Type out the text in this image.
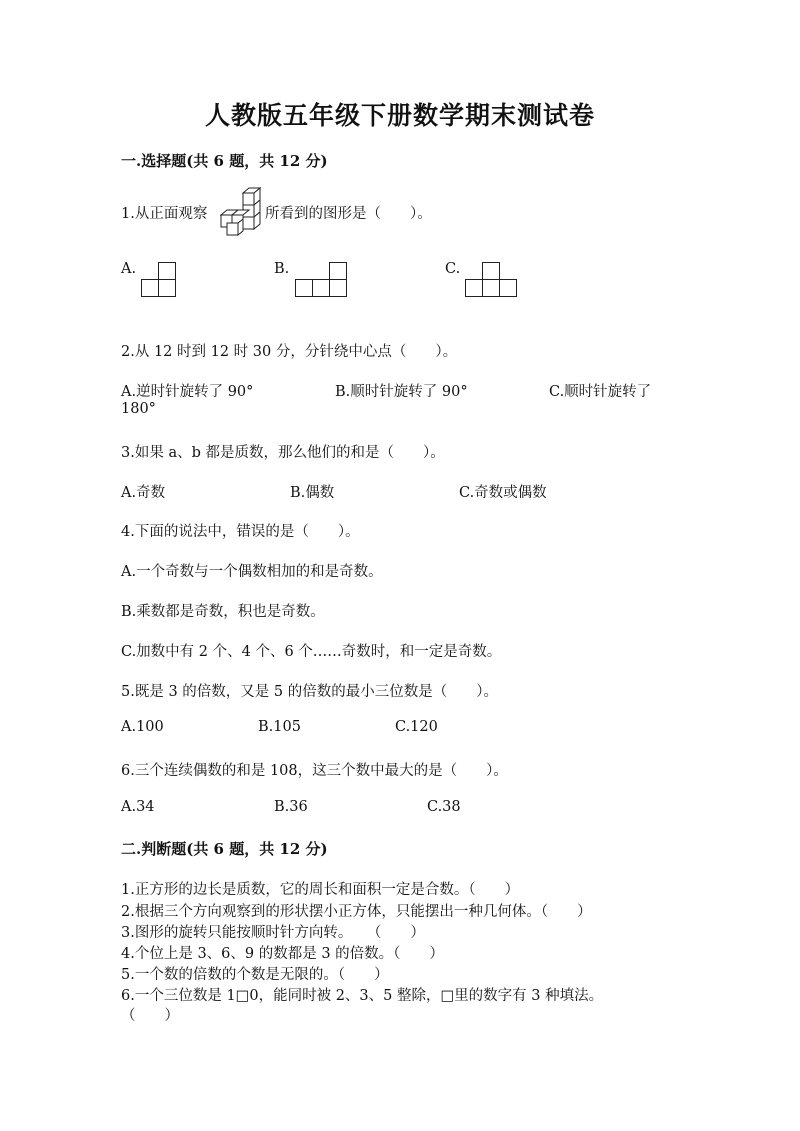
人教版五年级下册数学期末测试卷
一.选择题(共 6 题，共 12 分)
1.从正面观察	所看到的图形是（　　）。
A.	B.	C.
2.从 12 时到 12 时 30 分，分针绕中心点（　　）。
A.逆时针旋转了 90°	B.顺时针旋转了 90°	C.顺时针旋转了
180°
3.如果 a、b 都是质数，那么他们的和是（　　）。
A.奇数	B.偶数	C.奇数或偶数
4.下面的说法中，错误的是（　　）。
A.一个奇数与一个偶数相加的和是奇数。
B.乘数都是奇数，积也是奇数。
C.加数中有 2 个、4 个、6 个……奇数时，和一定是奇数。
5.既是 3 的倍数，又是 5 的倍数的最小三位数是（　　）。
A.100	B.105	C.120
6.三个连续偶数的和是 108，这三个数中最大的是（　　）。
A.34	B.36	C.38
二.判断题(共 6 题，共 12 分)
1.正方形的边长是质数，它的周长和面积一定是合数。（　　）
2.根据三个方向观察到的形状摆小正方体，只能摆出一种几何体。（　　）
3.图形的旋转只能按顺时针方向转。　　（　　）
4.个位上是 3、6、9 的数都是 3 的倍数。（　　）
5.一个数的倍数的个数是无限的。（　　）
6.一个三位数是 1□0，能同时被 2、3、5 整除，□里的数字有 3 种填法。
（　　）
